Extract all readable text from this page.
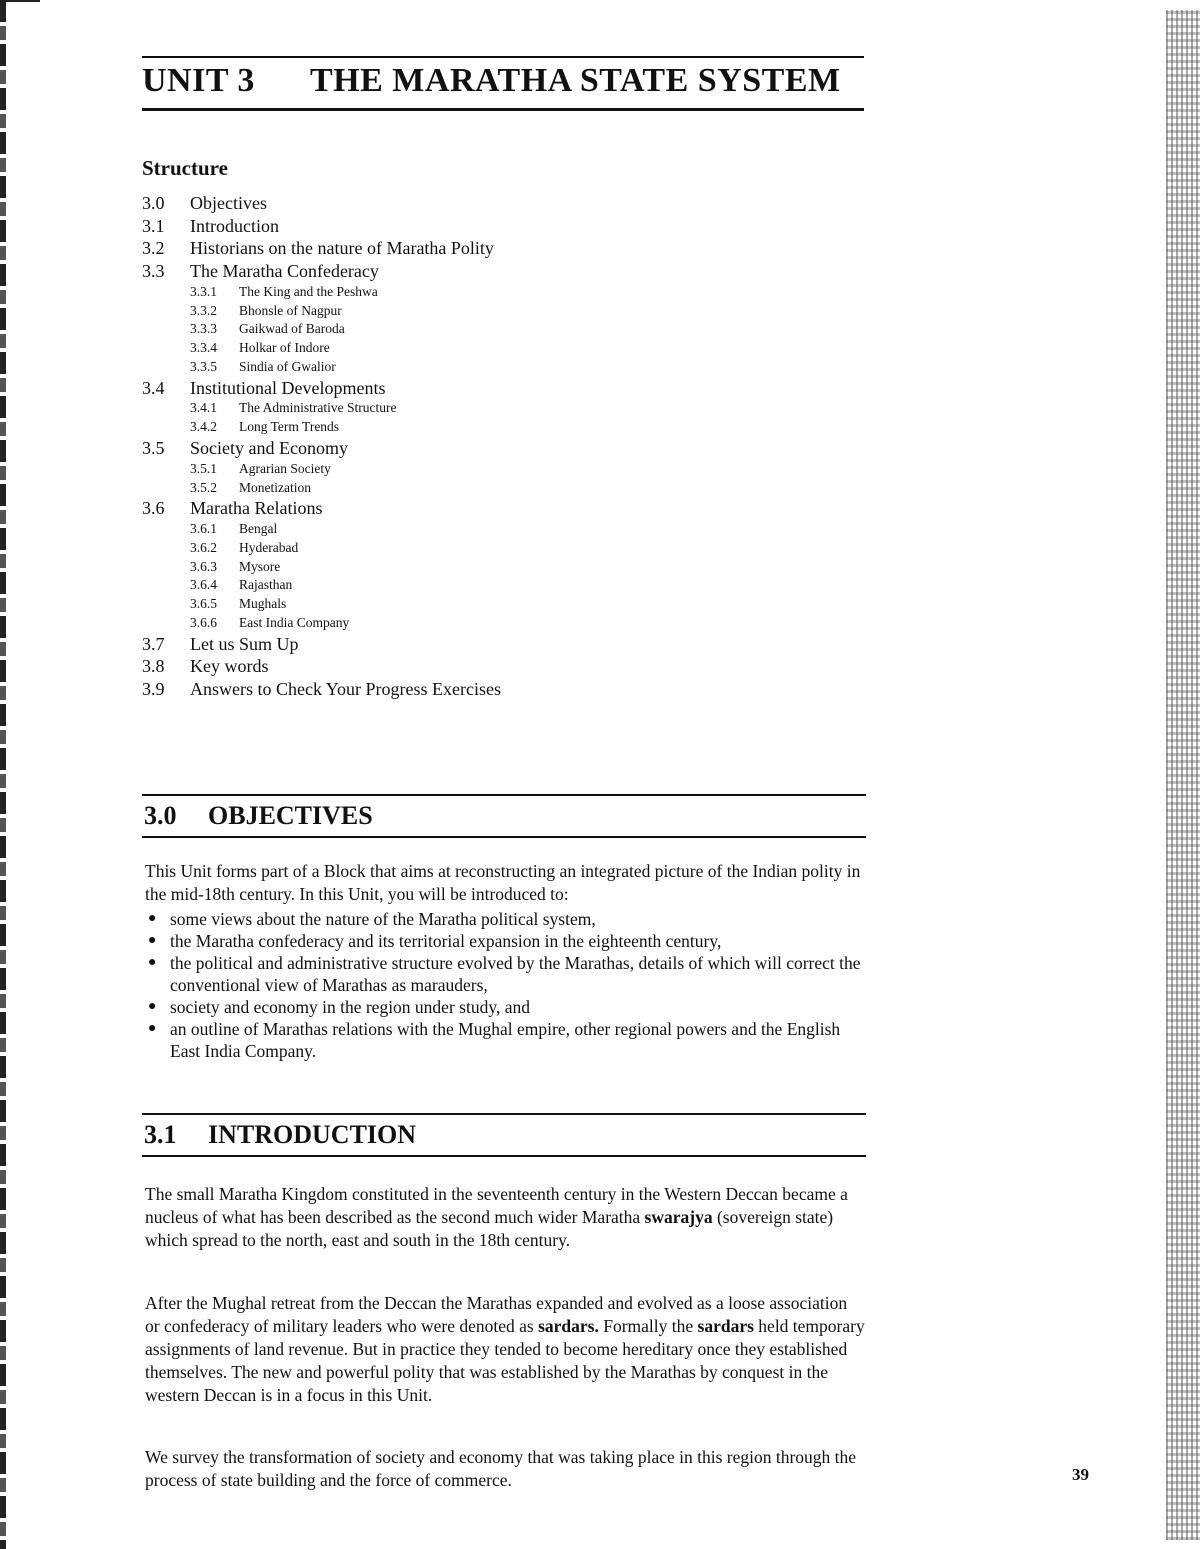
UNIT 3 THE MARATHA STATE SYSTEM
Structure
3.0 Objectives
3.1 Introduction
3.2 Historians on the nature of Maratha Polity
3.3 The Maratha Confederacy
3.3.1 The King and the Peshwa
3.3.2 Bhonsle of Nagpur
3.3.3 Gaikwad of Baroda
3.3.4 Holkar of Indore
3.3.5 Sindia of Gwalior
3.4 Institutional Developments
3.4.1 The Administrative Structure
3.4.2 Long Term Trends
3.5 Society and Economy
3.5.1 Agrarian Society
3.5.2 Monetization
3.6 Maratha Relations
3.6.1 Bengal
3.6.2 Hyderabad
3.6.3 Mysore
3.6.4 Rajasthan
3.6.5 Mughals
3.6.6 East India Company
3.7 Let us Sum Up
3.8 Key words
3.9 Answers to Check Your Progress Exercises
3.0 OBJECTIVES
This Unit forms part of a Block that aims at reconstructing an integrated picture of the Indian polity in the mid-18th century. In this Unit, you will be introduced to:
● some views about the nature of the Maratha political system,
● the Maratha confederacy and its territorial expansion in the eighteenth century,
● the political and administrative structure evolved by the Marathas, details of which will correct the conventional view of Marathas as marauders,
● society and economy in the region under study, and
● an outline of Marathas relations with the Mughal empire, other regional powers and the English East India Company.
3.1 INTRODUCTION
The small Maratha Kingdom constituted in the seventeenth century in the Western Deccan became a nucleus of what has been described as the second much wider Maratha swarajya (sovereign state) which spread to the north, east and south in the 18th century.
After the Mughal retreat from the Deccan the Marathas expanded and evolved as a loose association or confederacy of military leaders who were denoted as sardars. Formally the sardars held temporary assignments of land revenue. But in practice they tended to become hereditary once they established themselves. The new and powerful polity that was established by the Marathas by conquest in the western Deccan is in a focus in this Unit.
We survey the transformation of society and economy that was taking place in this region through the process of state building and the force of commerce.	39
